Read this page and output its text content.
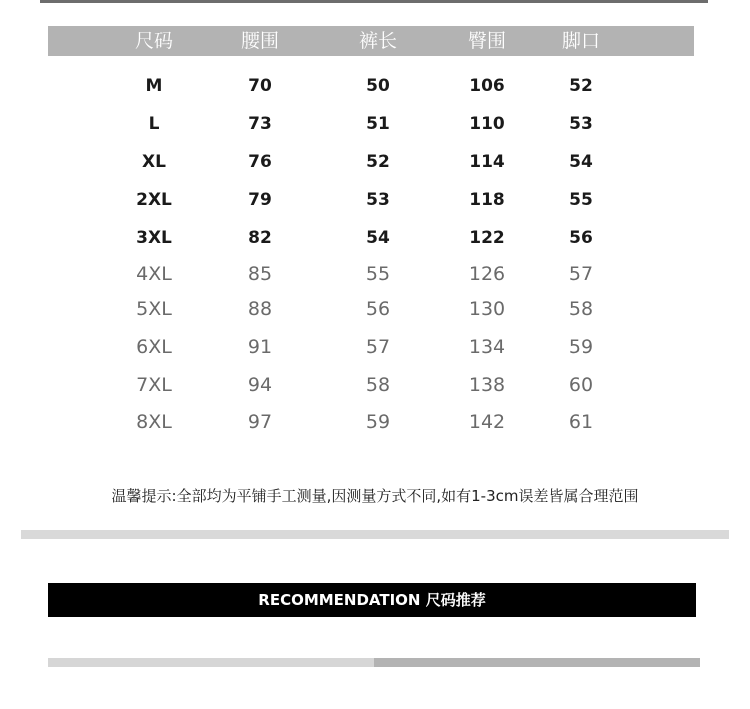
尺码	腰围	裤长	臀围	脚口
M	70	50	106	52
L	73	51	110	53
XL	76	52	114	54
2XL	79	53	118	55
3XL	82	54	122	56
4XL	85	55	126	57
5XL	88	56	130	58
6XL	91	57	134	59
7XL	94	58	138	60
8XL	97	59	142	61
温馨提示:全部均为平铺手工测量,因测量方式不同,如有1-3cm误差皆属合理范围
RECOMMENDATION 尺码推荐
